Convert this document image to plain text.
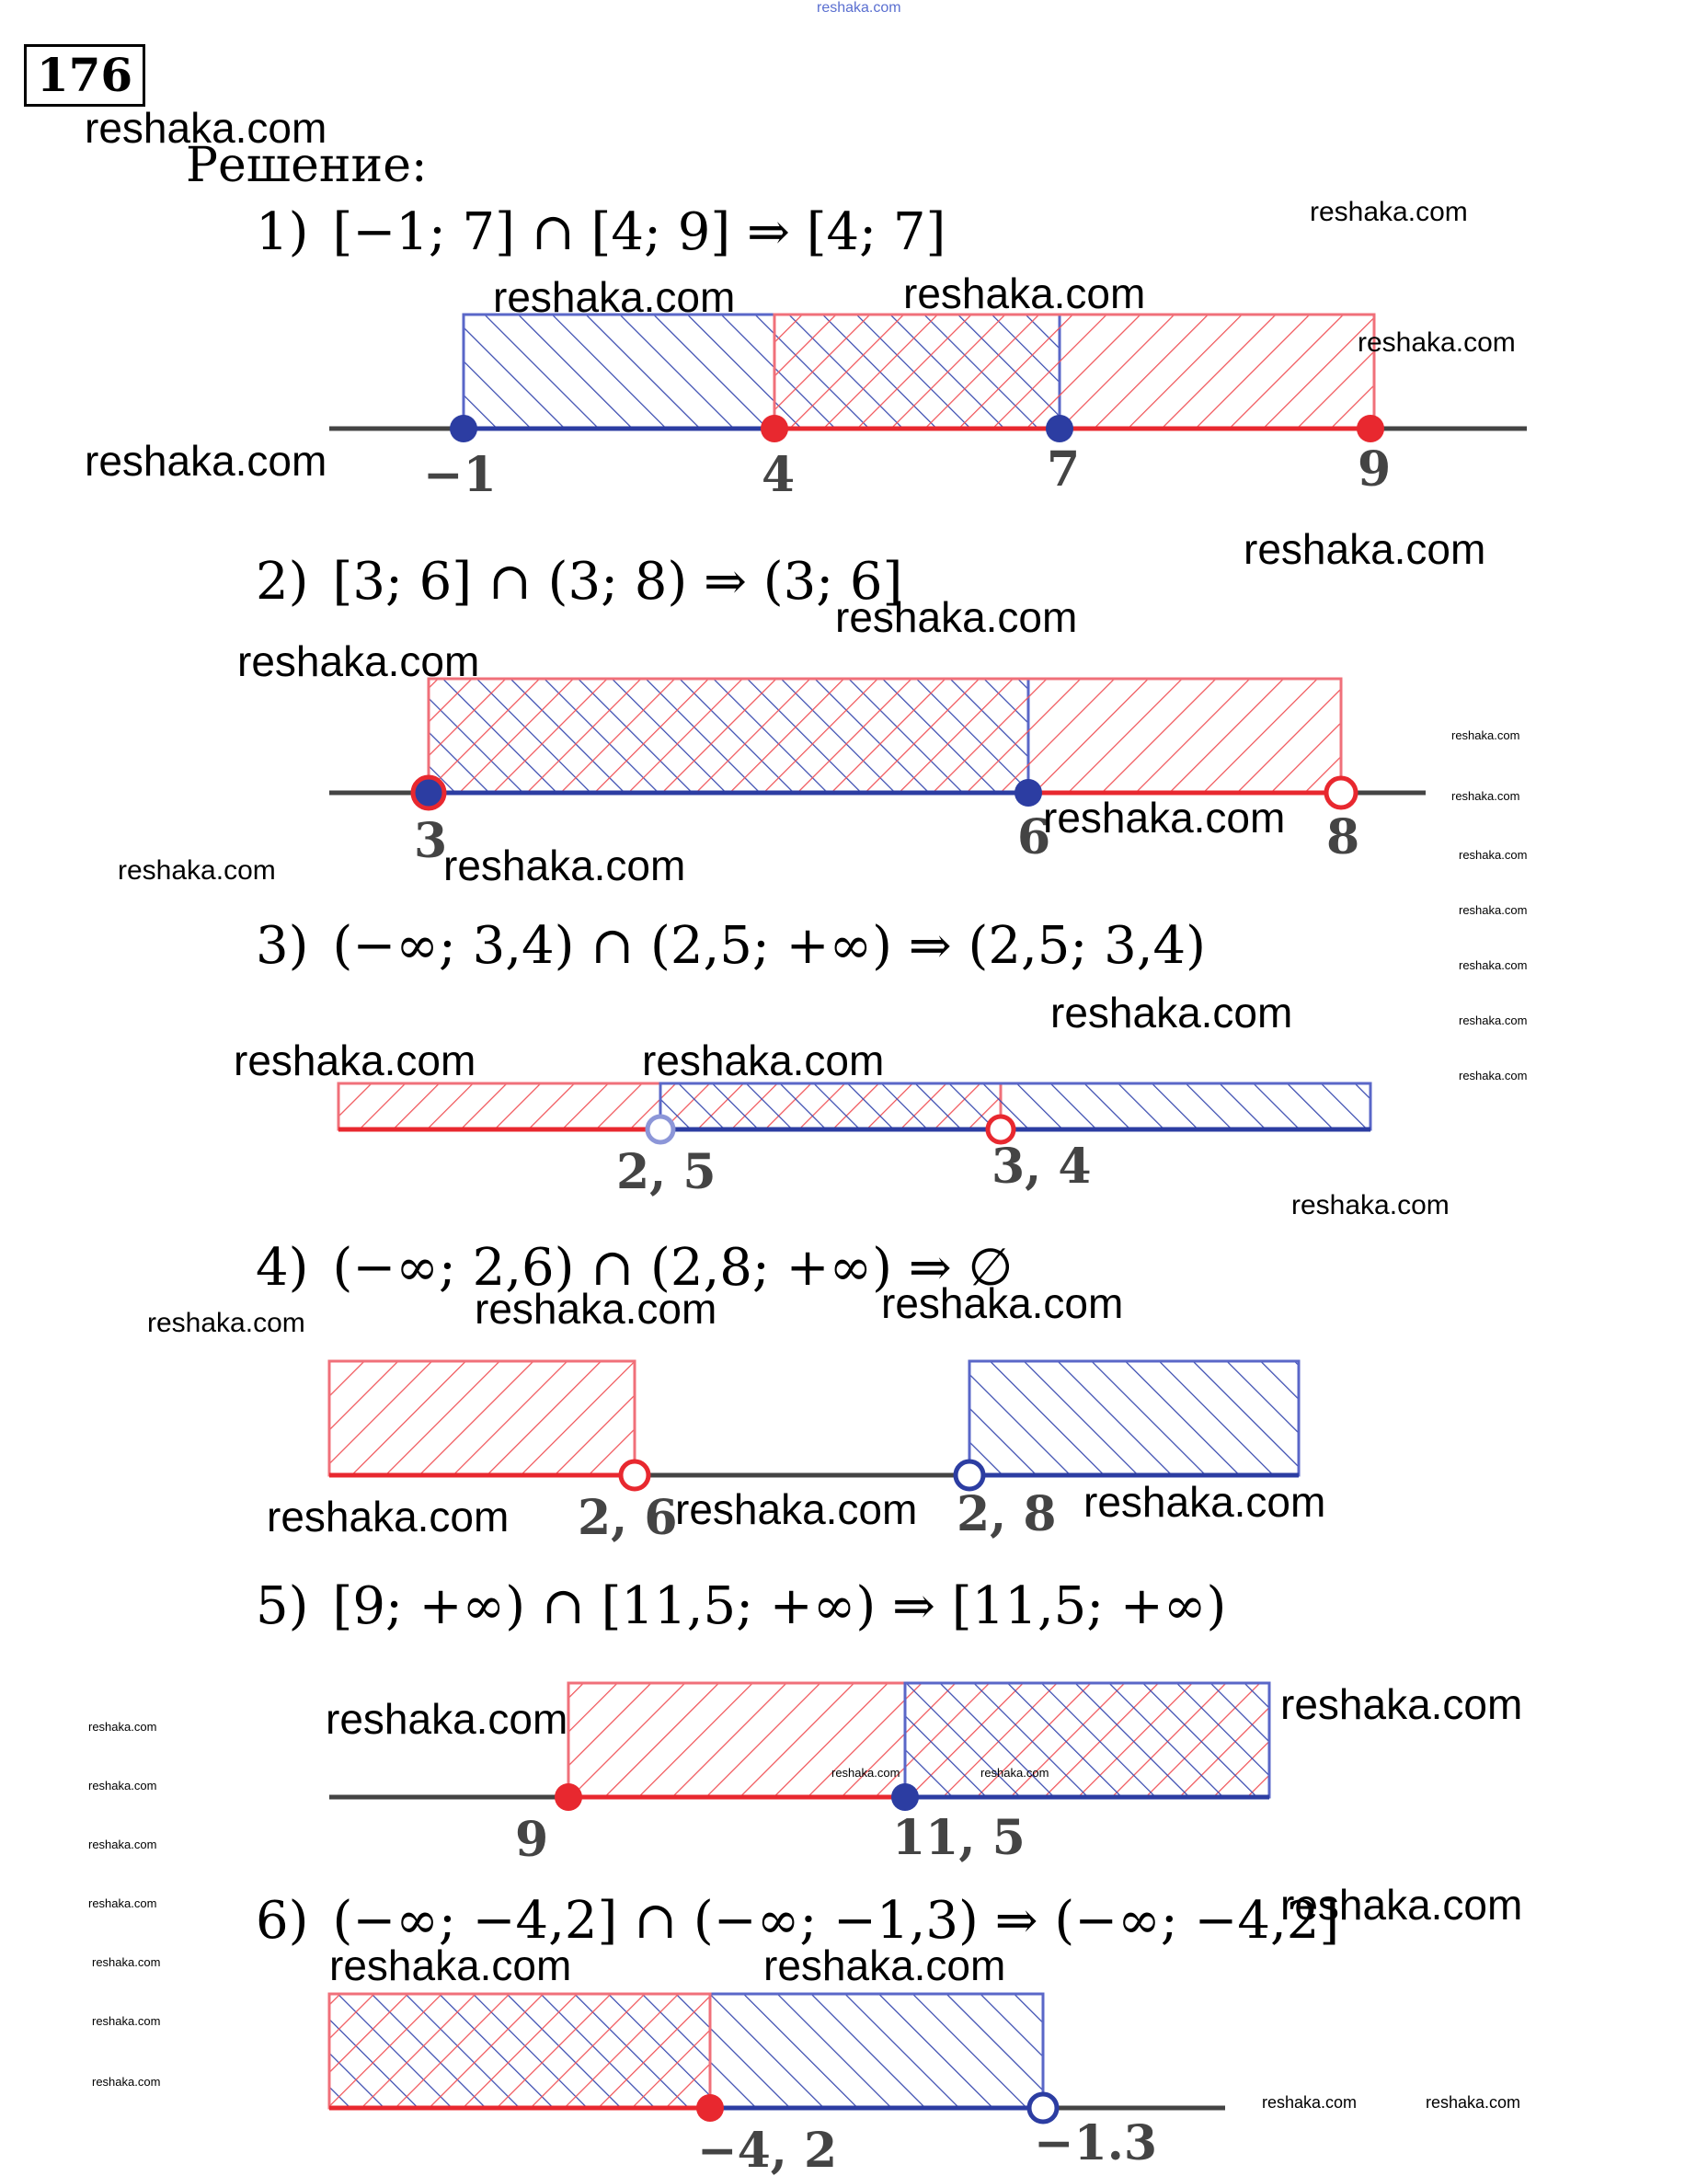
−1	4	7	9
3	6	8
2, 5	3, 4
2, 6	2, 8
9	11, 5
−4, 2	−1.3
176
Решение:
1) [−1; 7] ∩ [4; 9] ⇒ [4; 7]
2) [3; 6] ∩ (3; 8) ⇒ (3; 6]
3) (−∞; 3,4) ∩ (2,5; +∞) ⇒ (2,5; 3,4)
4) (−∞; 2,6) ∩ (2,8; +∞) ⇒ ∅
5) [9; +∞) ∩ [11,5; +∞) ⇒ [11,5; +∞)
6) (−∞; −4,2] ∩ (−∞; −1,3) ⇒ (−∞; −4,2]
reshaka.com
reshaka.com
reshaka.com
reshaka.com	reshaka.com
reshaka.com
reshaka.com
reshaka.com
reshaka.com
reshaka.com
reshaka.com
reshaka.com
reshaka.com
reshaka.com
reshaka.com
reshaka.com
reshaka.com
reshaka.com
reshaka.com	reshaka.com
reshaka.com	reshaka.com	reshaka.com
reshaka.com
reshaka.com
reshaka.com
reshaka.com
reshaka.com	reshaka.com	reshaka.com
reshaka.com
reshaka.com
reshaka.com
reshaka.com	reshaka.com
reshaka.com
reshaka.com
reshaka.com
reshaka.com
reshaka.com	reshaka.com
reshaka.com
reshaka.com
reshaka.com
reshaka.com	reshaka.com
